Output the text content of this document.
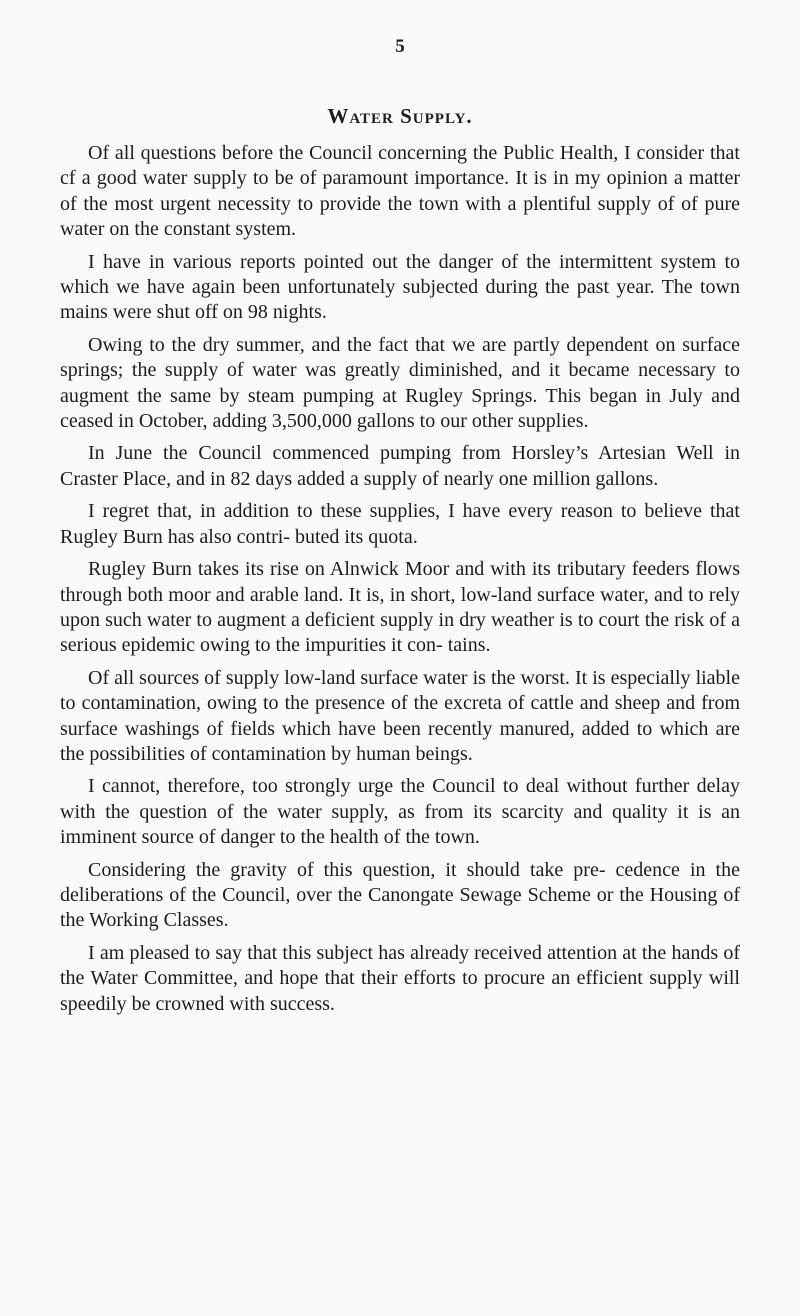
5
Water Supply.

Of all questions before the Council concerning the Public Health, I consider that cf a good water supply to be of paramount importance. It is in my opinion a matter of the most urgent necessity to provide the town with a plentiful supply of of pure water on the constant system.

I have in various reports pointed out the danger of the intermittent system to which we have again been unfortunately subjected during the past year. The town mains were shut off on 98 nights.

Owing to the dry summer, and the fact that we are partly dependent on surface springs; the supply of water was greatly diminished, and it became necessary to augment the same by steam pumping at Rugley Springs. This began in July and ceased in October, adding 3,500,000 gallons to our other supplies.

In June the Council commenced pumping from Horsley’s Artesian Well in Craster Place, and in 82 days added a supply of nearly one million gallons.

I regret that, in addition to these supplies, I have every reason to believe that Rugley Burn has also contri- buted its quota.

Rugley Burn takes its rise on Alnwick Moor and with its tributary feeders flows through both moor and arable land. It is, in short, low-land surface water, and to rely upon such water to augment a deficient supply in dry weather is to court the risk of a serious epidemic owing to the impurities it con- tains.

Of all sources of supply low-land surface water is the worst. It is especially liable to contamination, owing to the presence of the excreta of cattle and sheep and from surface washings of fields which have been recently manured, added to which are the possibilities of contamination by human beings.

I cannot, therefore, too strongly urge the Council to deal without further delay with the question of the water supply, as from its scarcity and quality it is an imminent source of danger to the health of the town.

Considering the gravity of this question, it should take pre- cedence in the deliberations of the Council, over the Canongate Sewage Scheme or the Housing of the Working Classes.

I am pleased to say that this subject has already received attention at the hands of the Water Committee, and hope that their efforts to procure an efficient supply will speedily be crowned with success.
